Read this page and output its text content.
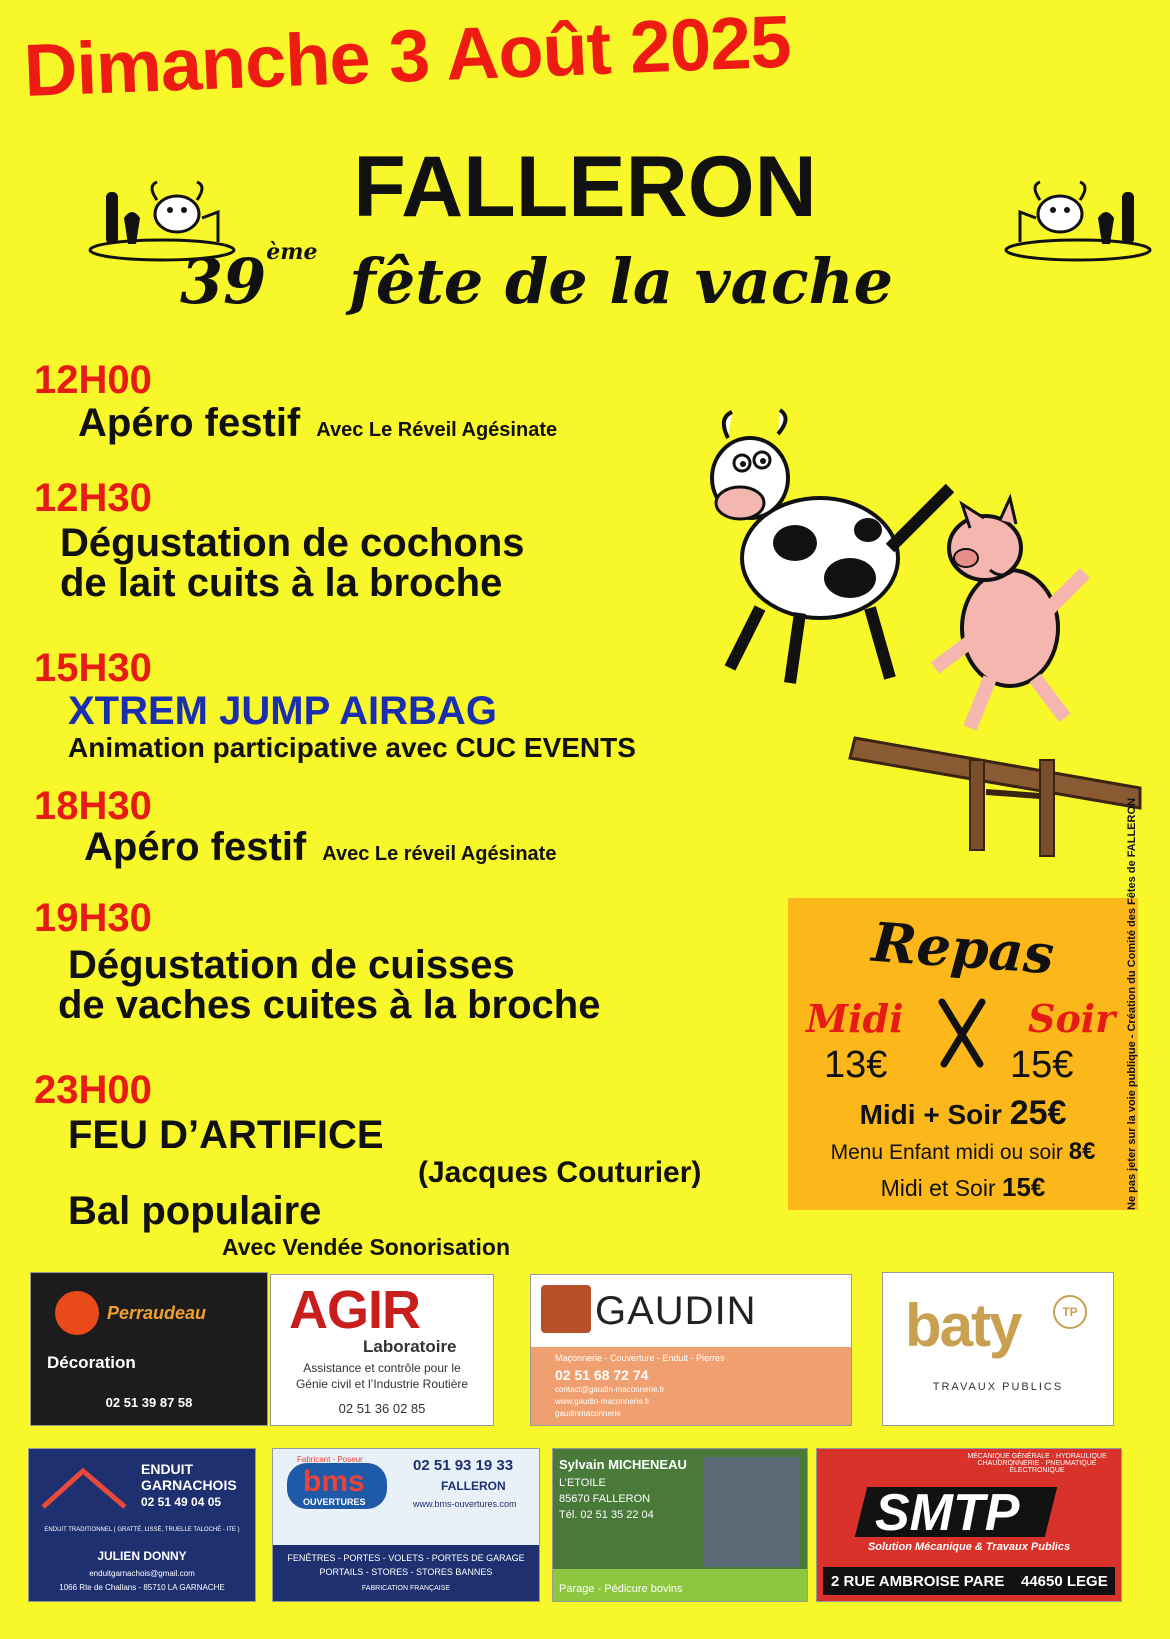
Dimanche 3 Août 2025
FALLERON
39ème fête de la vache
12H00
Apéro festif Avec Le Réveil Agésinate
12H30
Dégustation de cochons
de lait cuits à la broche
15H30
XTREM JUMP AIRBAG
Animation participative avec CUC EVENTS
18H30
Apéro festif Avec Le réveil Agésinate
19H30
Dégustation de cuisses
de vaches cuites à la broche
23H00
FEU D’ARTIFICE
(Jacques Couturier)
Bal populaire
Avec Vendée Sonorisation
Repas
Midi	Soir
13€	15€
Midi + Soir 25€
Menu Enfant midi ou soir 8€
Midi et Soir 15€
Perraudeau
Décoration
02 51 39 87 58
AGIR
Laboratoire
Assistance et contrôle pour le
Génie civil et l’Industrie Routière
02 51 36 02 85
GAUDIN
Maçonnerie - Couverture - Enduit - Pierres
02 51 68 72 74
contact@gaudin-maconnerie.fr
www.gaudin-maconnerie.fr
gaudinmaconnerie
baty	TP
TRAVAUX PUBLICS
ENDUIT
GARNACHOIS
02 51 49 04 05
ENDUIT TRADITIONNEL ( GRATTÉ, LISSÉ, TRUELLE TALOCHÉ - ITE )
JULIEN DONNY
enduitgarnachois@gmail.com
1066 Rte de Challans - 85710 LA GARNACHE
Fabricant - Poseur
bms
OUVERTURES
02 51 93 19 33
FALLERON
www.bms-ouvertures.com
FENÊTRES - PORTES - VOLETS - PORTES DE GARAGE
PORTAILS - STORES - STORES BANNES
FABRICATION FRANÇAISE
Sylvain MICHENEAU
L’ETOILE
85670 FALLERON
Tél. 02 51 35 22 04
Parage - Pédicure bovins
MÉCANIQUE GÉNÉRALE · HYDRAULIQUE CHAUDRONNERIE · PNEUMATIQUE ÉLECTRONIQUE
SMTP
Solution Mécanique & Travaux Publics
2 RUE AMBROISE PARE 44650 LEGE
Ne pas jeter sur la voie publique - Création du Comité des Fêtes de FALLERON
